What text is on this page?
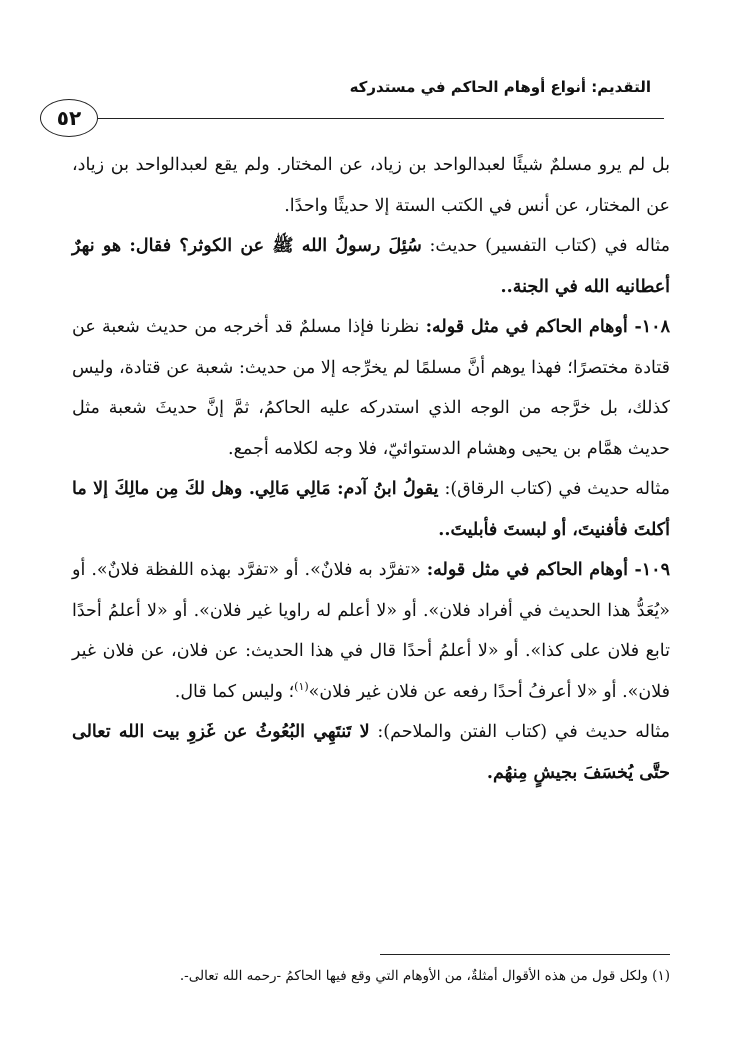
التقديم: أنواع أوهام الحاكم في مستدركه
٥٢

بل لم يرو مسلمٌ شيئًا لعبدالواحد بن زياد، عن المختار. ولم يقع لعبدالواحد بن زياد، عن المختار، عن أنس في الكتب الستة إلا حديثًا واحدًا.

مثاله في (كتاب التفسير) حديث: سُئِلَ رسولُ الله ﷺ عن الكوثر؟ فقال: هو نهرٌ أعطانيه الله في الجنة..

١٠٨- أوهام الحاكم في مثل قوله: نظرنا فإذا مسلمٌ قد أخرجه من حديث شعبة عن قتادة مختصرًا؛ فهذا يوهم أنَّ مسلمًا لم يخرِّجه إلا من حديث: شعبة عن قتادة، وليس كذلك، بل خرَّجه من الوجه الذي استدركه عليه الحاكمُ، ثمَّ إنَّ حديثَ شعبة مثل حديث همَّام بن يحيى وهشام الدستوائيّ، فلا وجه لكلامه أجمع.

مثاله حديث في (كتاب الرقاق): يقولُ ابنُ آدم: مَالِي مَالِي. وهل لكَ مِن مالِكَ إلا ما أكلتَ فأفنيتَ، أو لبستَ فأبليتَ..

١٠٩- أوهام الحاكم في مثل قوله: «تفرَّد به فلانٌ». أو «تفرَّد بهذه اللفظة فلانٌ». أو «يُعَدُّ هذا الحديث في أفراد فلان». أو «لا أعلم له راويا غير فلان». أو «لا أعلمُ أحدًا تابع فلان على كذا». أو «لا أعلمُ أحدًا قال في هذا الحديث: عن فلان، عن فلان غير فلان». أو «لا أعرفُ أحدًا رفعه عن فلان غير فلان»$^{(١)}$؛ وليس كما قال.

مثاله حديث في (كتاب الفتن والملاحم): لا تَنتَهِي البُعُوثُ عن غَزوِ بيت الله تعالى حتَّى يُخسَفَ بجيشٍ مِنهُم.

(١) ولكل قول من هذه الأقوال أمثلةٌ، من الأوهام التي وقع فيها الحاكمُ -رحمه الله تعالى-.
